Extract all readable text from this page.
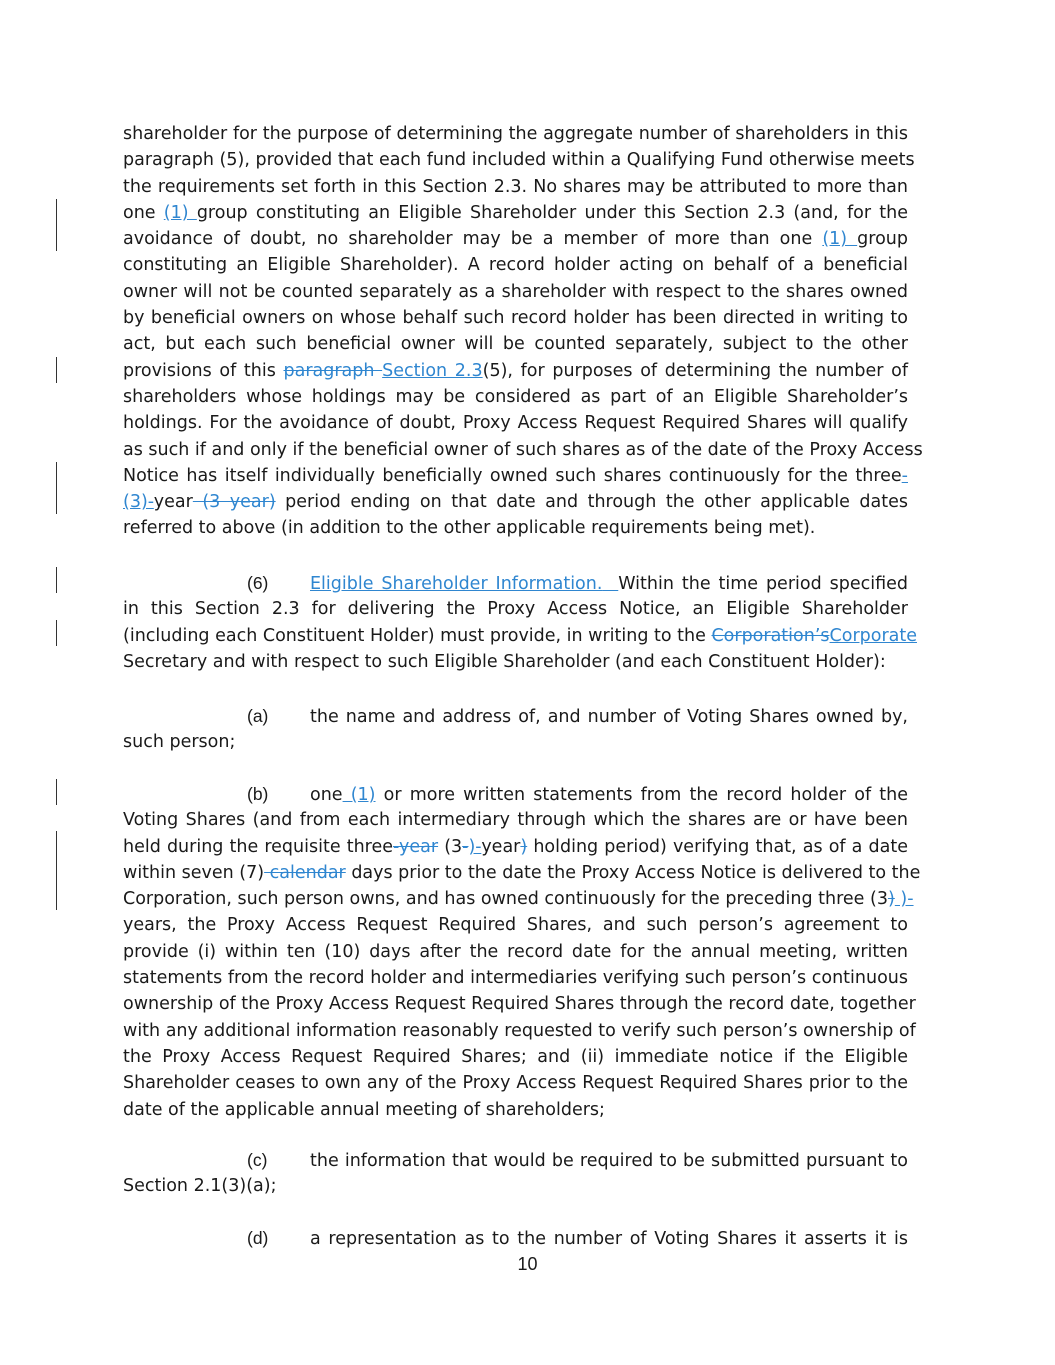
shareholder for the purpose of determining the aggregate number of shareholders in this
paragraph (5), provided that each fund included within a Qualifying Fund otherwise meets
the requirements set forth in this Section 2.3. No shares may be attributed to more than
one (1) group constituting an Eligible Shareholder under this Section 2.3 (and, for the
avoidance of doubt, no shareholder may be a member of more than one (1) group
constituting an Eligible Shareholder). A record holder acting on behalf of a beneficial
owner will not be counted separately as a shareholder with respect to the shares owned
by beneficial owners on whose behalf such record holder has been directed in writing to
act, but each such beneficial owner will be counted separately, subject to the other
provisions of this paragraph Section 2.3(5), for purposes of determining the number of
shareholders whose holdings may be considered as part of an Eligible Shareholder’s
holdings. For the avoidance of doubt, Proxy Access Request Required Shares will qualify
as such if and only if the beneficial owner of such shares as of the date of the Proxy Access
Notice has itself individually beneficially owned such shares continuously for the three-
(3)-year (3 year) period ending on that date and through the other applicable dates
referred to above (in addition to the other applicable requirements being met).
(6) Eligible Shareholder Information. Within the time period specified
in this Section 2.3 for delivering the Proxy Access Notice, an Eligible Shareholder
(including each Constituent Holder) must provide, in writing to the Corporation’sCorporate
Secretary and with respect to such Eligible Shareholder (and each Constituent Holder):
(a) the name and address of, and number of Voting Shares owned by,
such person;
(b) one (1) or more written statements from the record holder of the
Voting Shares (and from each intermediary through which the shares are or have been
held during the requisite three-year (3-)-year) holding period) verifying that, as of a date
within seven (7) calendar days prior to the date the Proxy Access Notice is delivered to the
Corporation, such person owns, and has owned continuously for the preceding three (3) )-
years, the Proxy Access Request Required Shares, and such person’s agreement to
provide (i) within ten (10) days after the record date for the annual meeting, written
statements from the record holder and intermediaries verifying such person’s continuous
ownership of the Proxy Access Request Required Shares through the record date, together
with any additional information reasonably requested to verify such person’s ownership of
the Proxy Access Request Required Shares; and (ii) immediate notice if the Eligible
Shareholder ceases to own any of the Proxy Access Request Required Shares prior to the
date of the applicable annual meeting of shareholders;
(c) the information that would be required to be submitted pursuant to
Section 2.1(3)(a);
(d) a representation as to the number of Voting Shares it asserts it is
10
